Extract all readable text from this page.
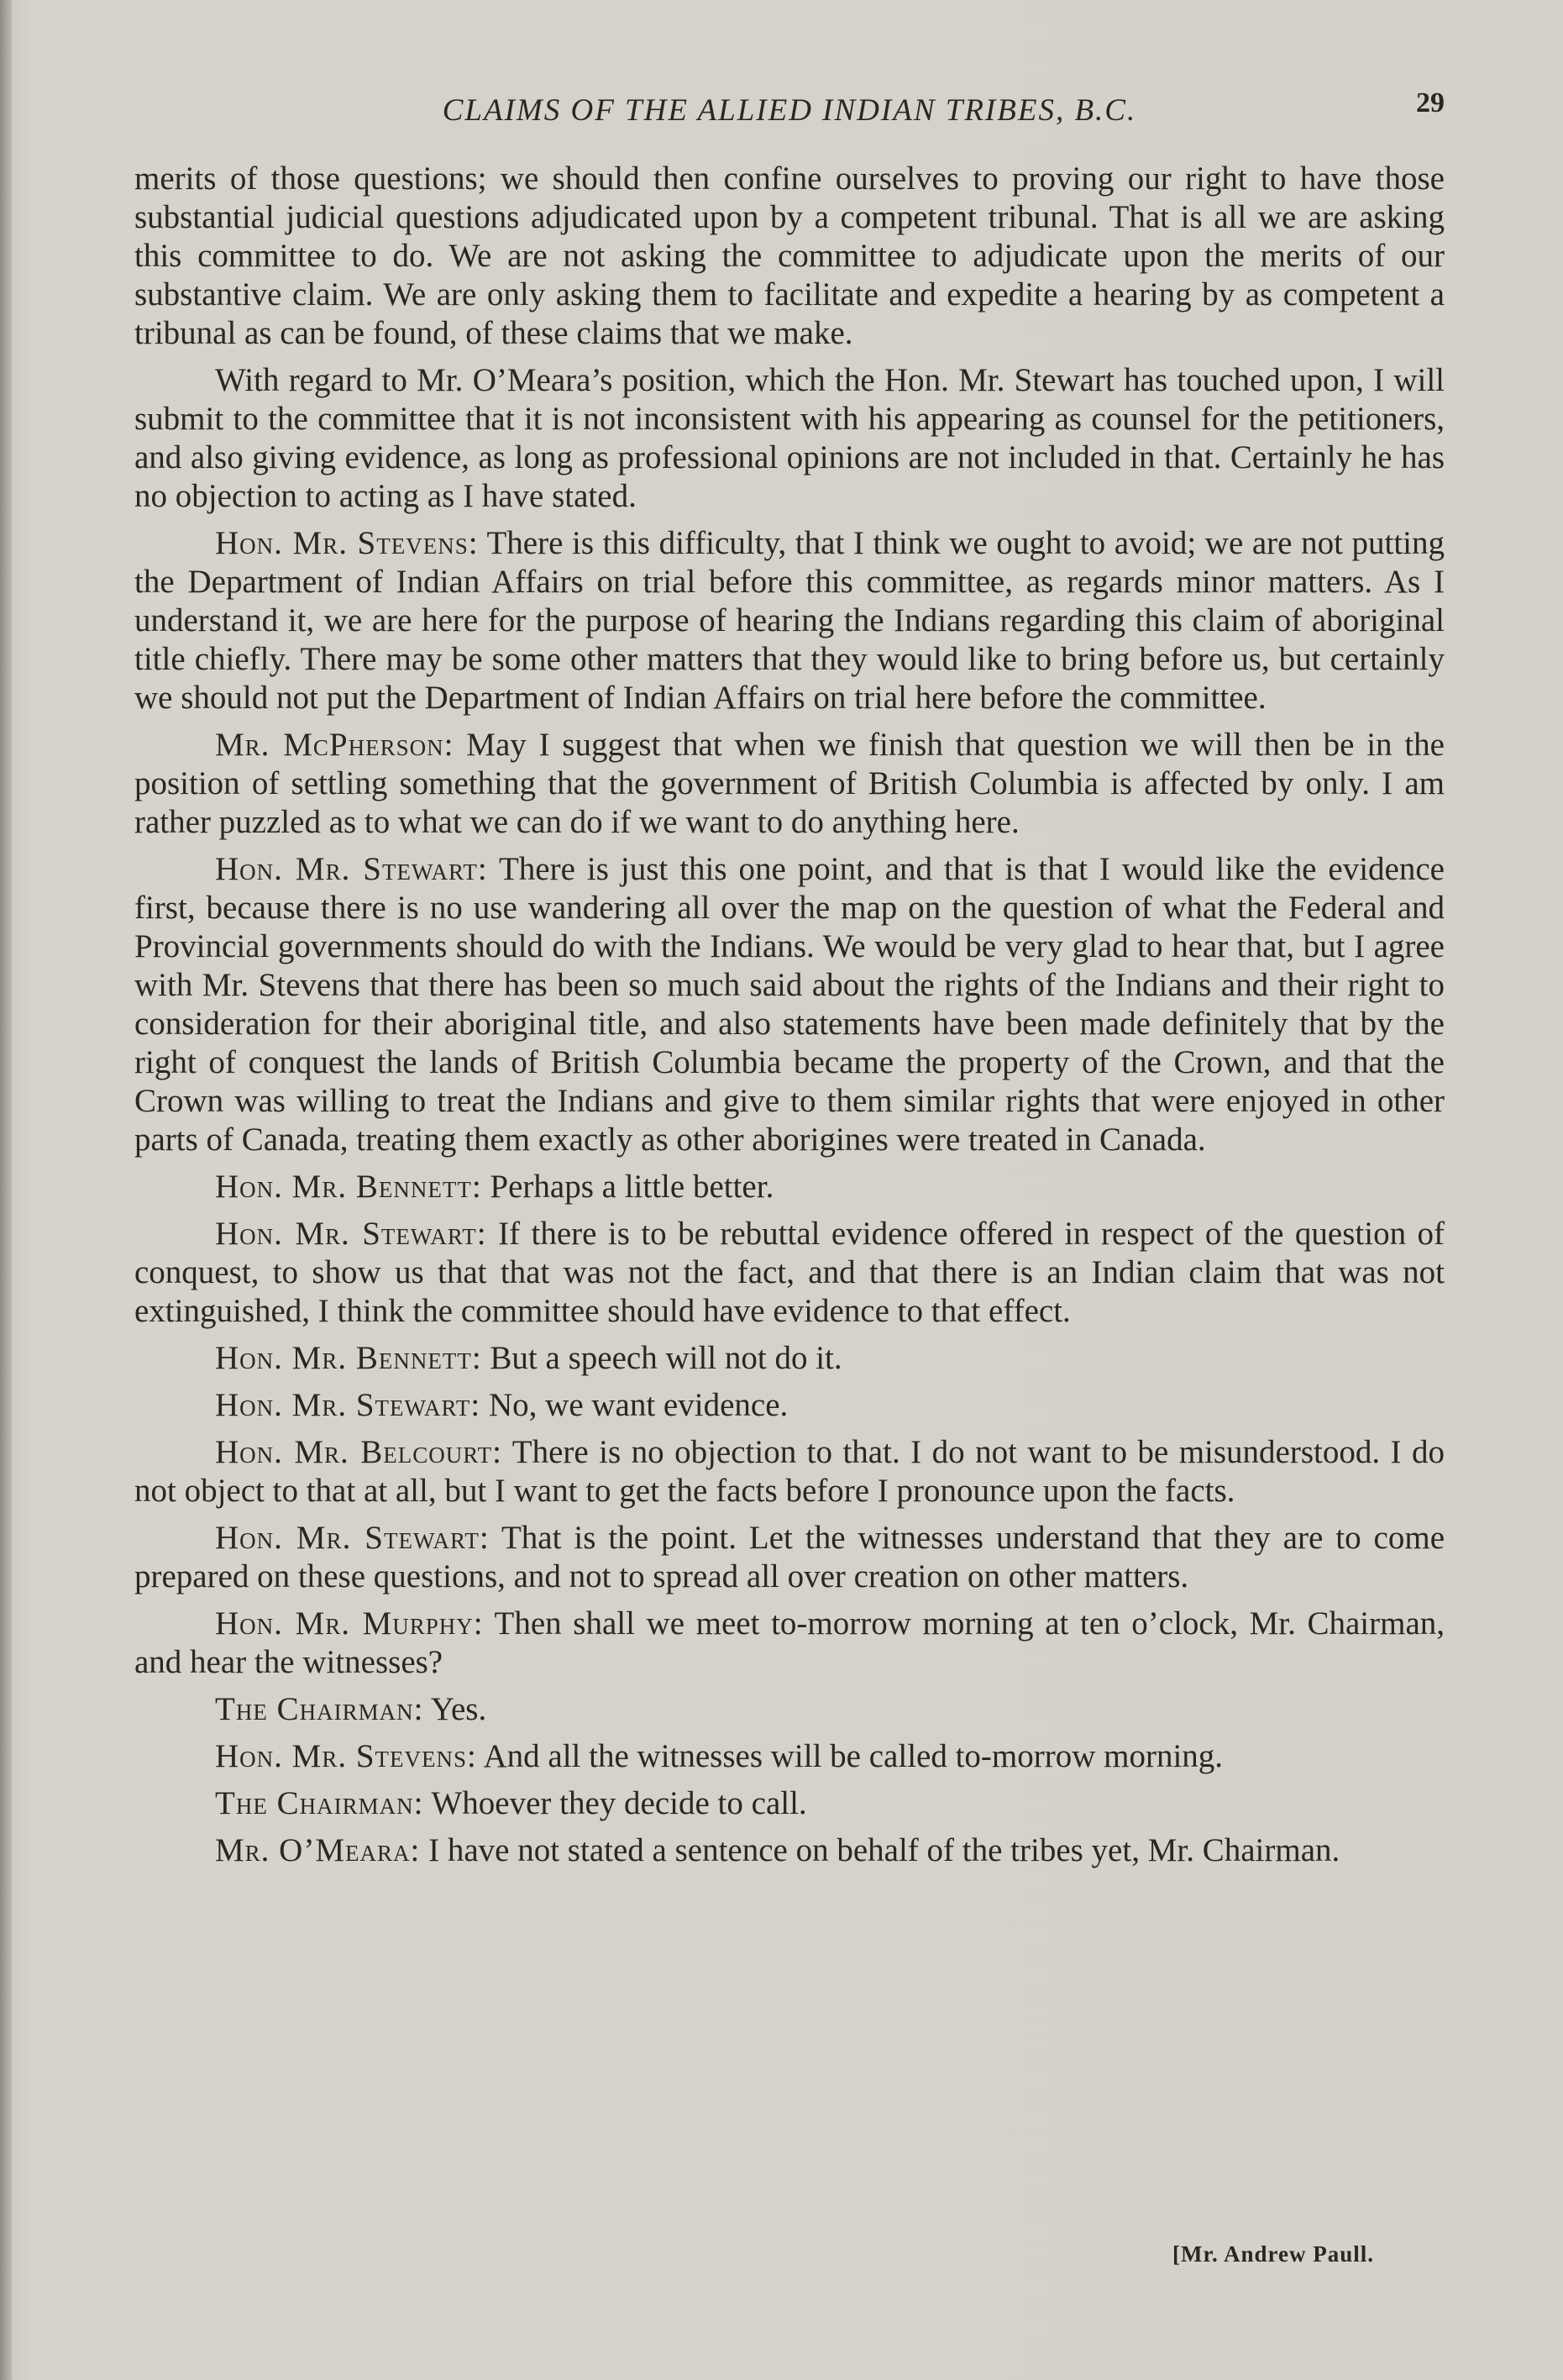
CLAIMS OF THE ALLIED INDIAN TRIBES, B.C.	29

merits of those questions; we should then confine ourselves to proving our right to have those substantial judicial questions adjudicated upon by a competent tribunal. That is all we are asking this committee to do. We are not asking the committee to adjudicate upon the merits of our substantive claim. We are only asking them to facilitate and expedite a hearing by as competent a tribunal as can be found, of these claims that we make.

With regard to Mr. O’Meara’s position, which the Hon. Mr. Stewart has touched upon, I will submit to the committee that it is not inconsistent with his appearing as counsel for the petitioners, and also giving evidence, as long as professional opinions are not included in that. Certainly he has no objection to acting as I have stated.

Hon. Mr. Stevens: There is this difficulty, that I think we ought to avoid; we are not putting the Department of Indian Affairs on trial before this committee, as regards minor matters. As I understand it, we are here for the purpose of hearing the Indians regarding this claim of aboriginal title chiefly. There may be some other matters that they would like to bring before us, but certainly we should not put the Department of Indian Affairs on trial here before the committee.

Mr. McPherson: May I suggest that when we finish that question we will then be in the position of settling something that the government of British Columbia is affected by only. I am rather puzzled as to what we can do if we want to do anything here.

Hon. Mr. Stewart: There is just this one point, and that is that I would like the evidence first, because there is no use wandering all over the map on the question of what the Federal and Provincial governments should do with the Indians. We would be very glad to hear that, but I agree with Mr. Stevens that there has been so much said about the rights of the Indians and their right to consideration for their aboriginal title, and also statements have been made definitely that by the right of conquest the lands of British Columbia became the property of the Crown, and that the Crown was willing to treat the Indians and give to them similar rights that were enjoyed in other parts of Canada, treating them exactly as other aborigines were treated in Canada.

Hon. Mr. Bennett: Perhaps a little better.

Hon. Mr. Stewart: If there is to be rebuttal evidence offered in respect of the question of conquest, to show us that that was not the fact, and that there is an Indian claim that was not extinguished, I think the committee should have evidence to that effect.

Hon. Mr. Bennett: But a speech will not do it.

Hon. Mr. Stewart: No, we want evidence.

Hon. Mr. Belcourt: There is no objection to that. I do not want to be misunderstood. I do not object to that at all, but I want to get the facts before I pronounce upon the facts.

Hon. Mr. Stewart: That is the point. Let the witnesses understand that they are to come prepared on these questions, and not to spread all over creation on other matters.

Hon. Mr. Murphy: Then shall we meet to-morrow morning at ten o’clock, Mr. Chairman, and hear the witnesses?

The Chairman: Yes.

Hon. Mr. Stevens: And all the witnesses will be called to-morrow morning.

The Chairman: Whoever they decide to call.

Mr. O’Meara: I have not stated a sentence on behalf of the tribes yet, Mr. Chairman.

[Mr. Andrew Paull.
